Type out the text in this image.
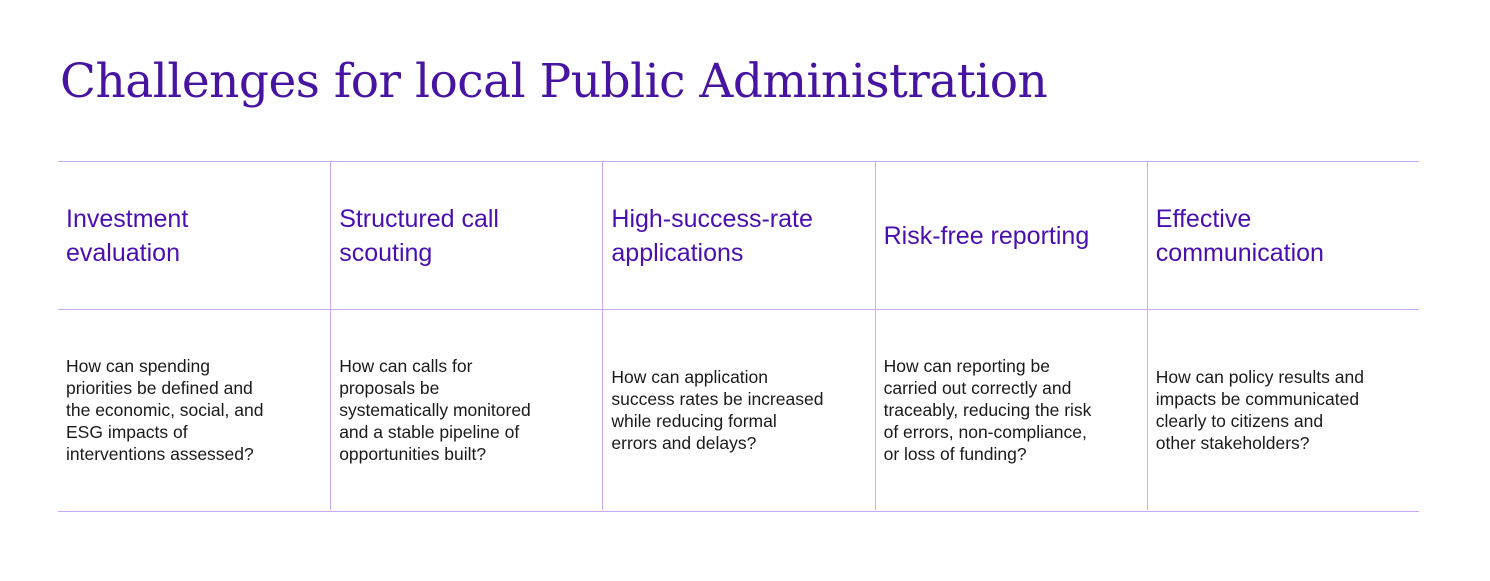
Challenges for local Public Administration
Investment
evaluation
Structured call
scouting
High-success-rate
applications
Risk-free reporting
Effective
communication
How can spending
priorities be defined and
the economic, social, and
ESG impacts of
interventions assessed?
How can calls for
proposals be
systematically monitored
and a stable pipeline of
opportunities built?
How can application
success rates be increased
while reducing formal
errors and delays?
How can reporting be
carried out correctly and
traceably, reducing the risk
of errors, non-compliance,
or loss of funding?
How can policy results and
impacts be communicated
clearly to citizens and
other stakeholders?
